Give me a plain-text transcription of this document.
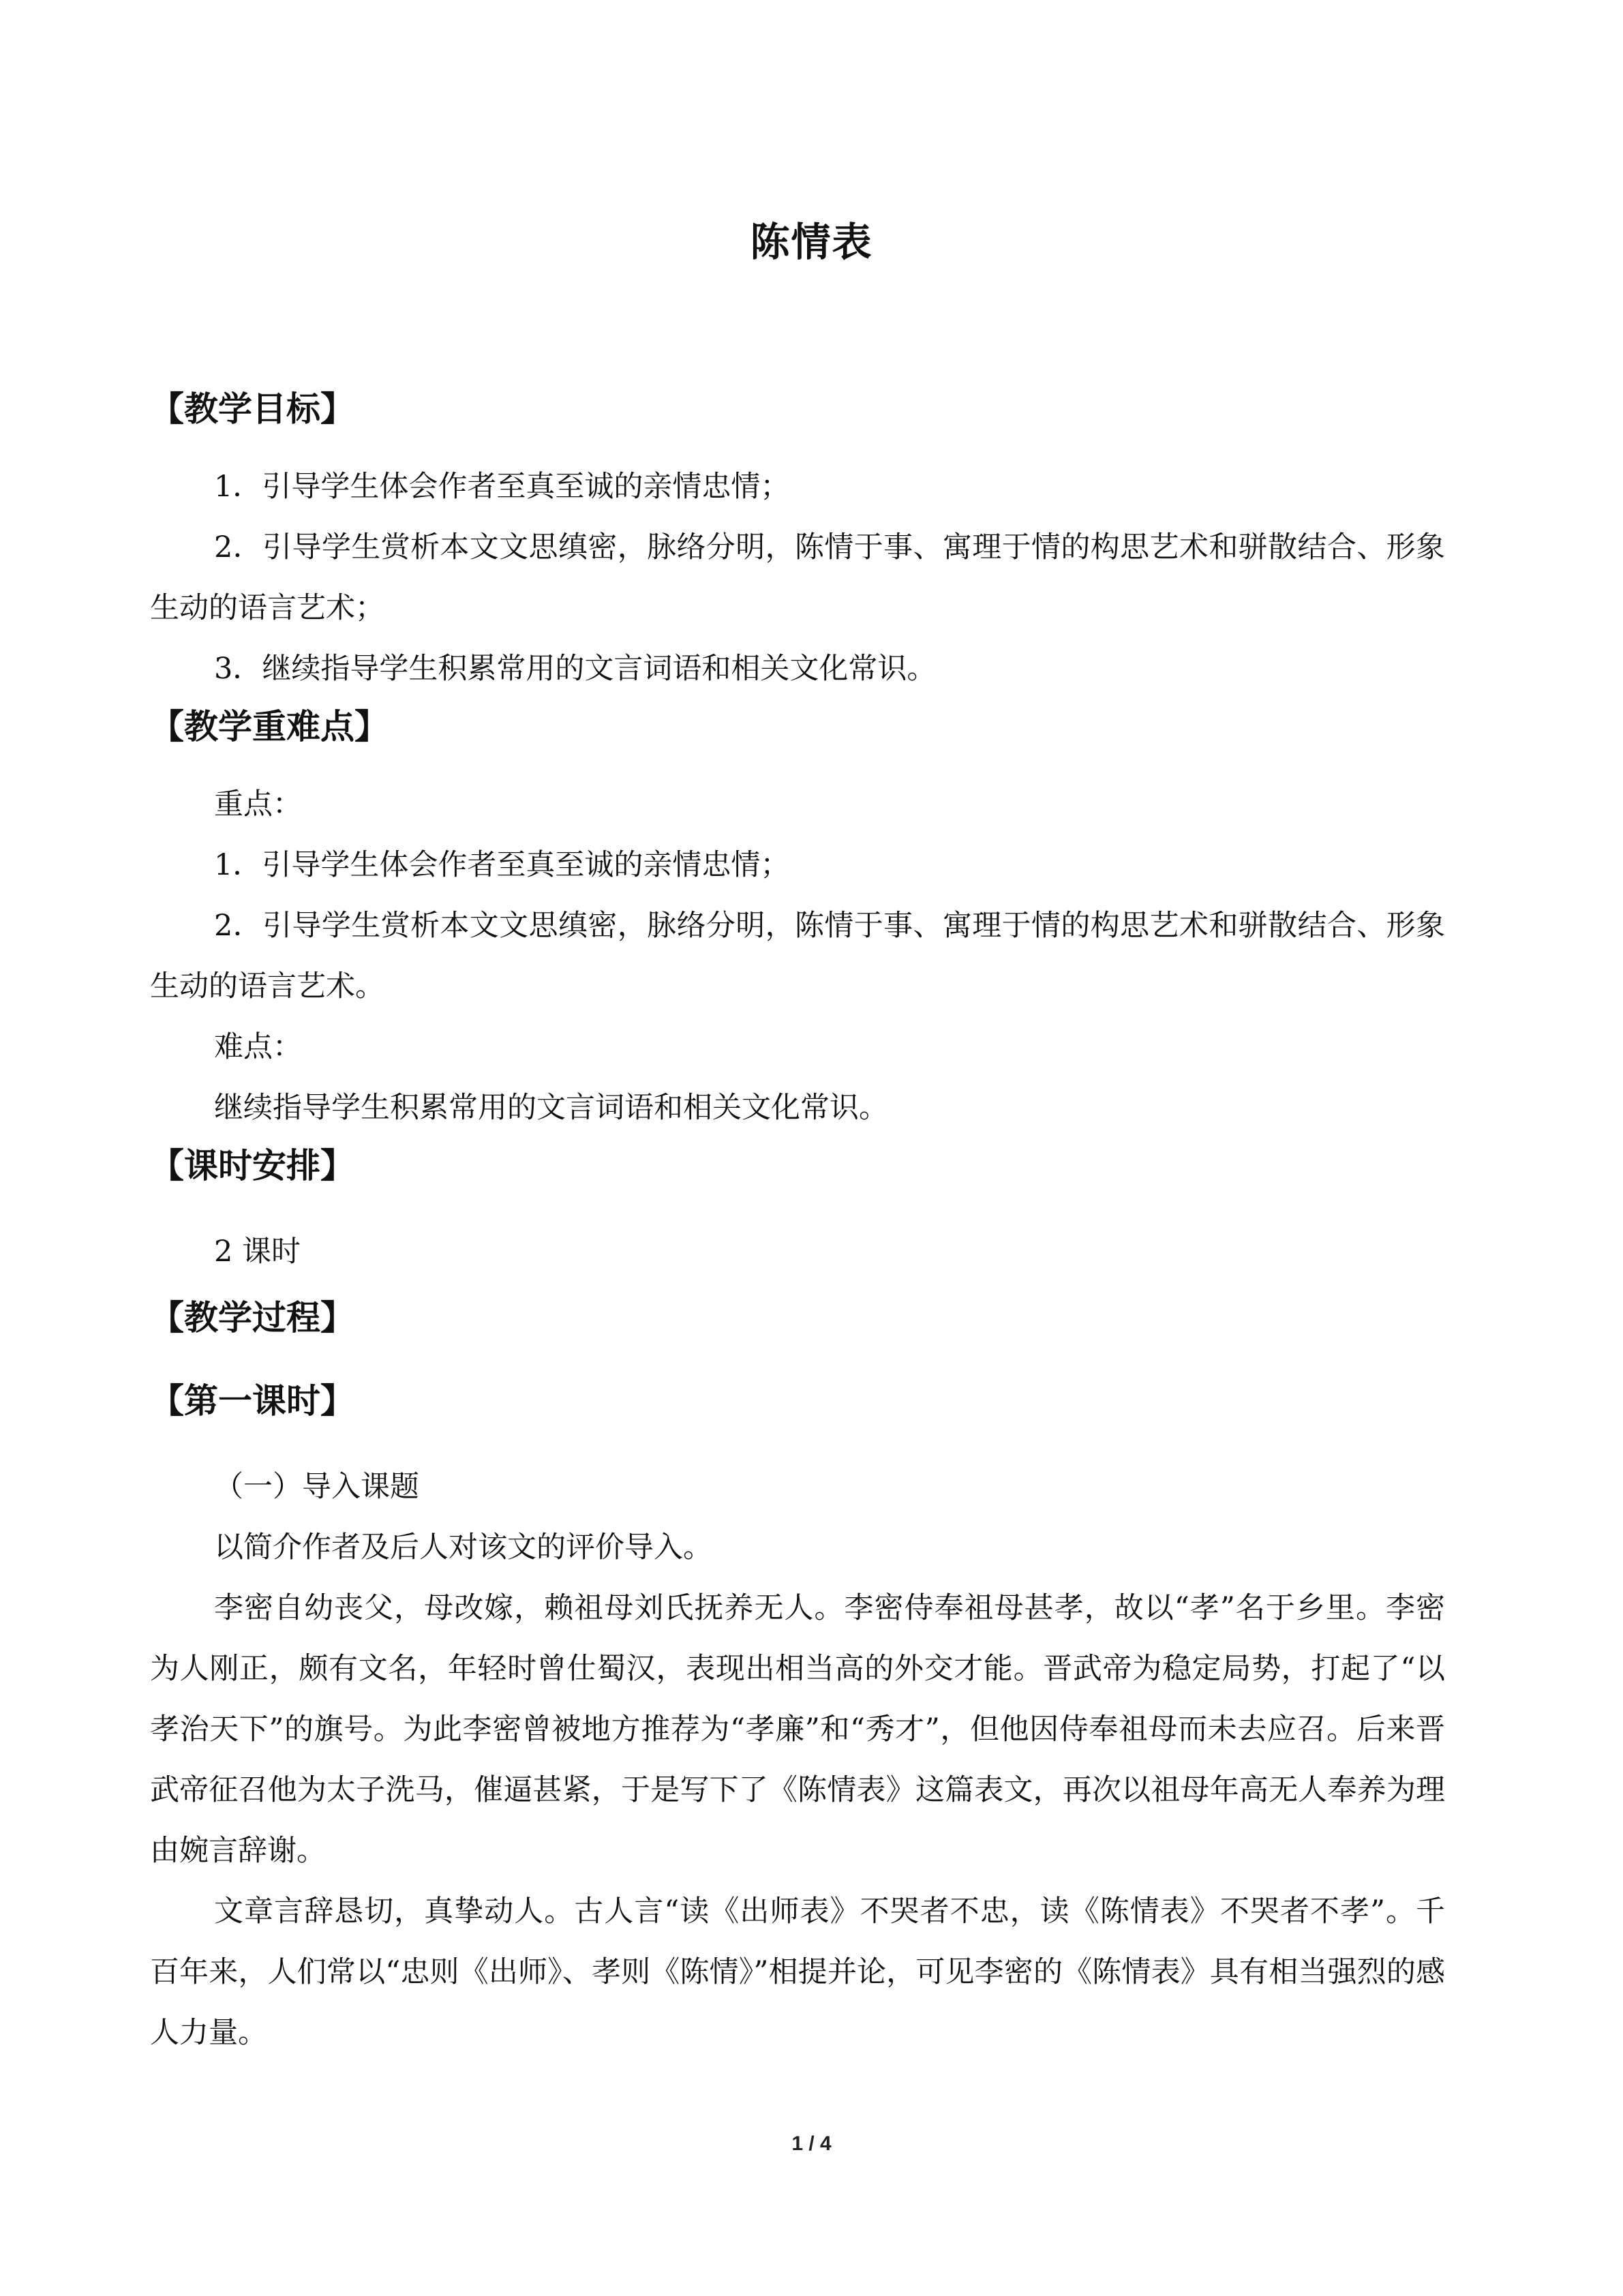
陈情表
【教学目标】

1．引导学生体会作者至真至诚的亲情忠情；

2．引导学生赏析本文文思缜密，脉络分明，陈情于事、寓理于情的构思艺术和骈散结合、形象生动的语言艺术；

3．继续指导学生积累常用的文言词语和相关文化常识。

【教学重难点】

重点：

1．引导学生体会作者至真至诚的亲情忠情；

2．引导学生赏析本文文思缜密，脉络分明，陈情于事、寓理于情的构思艺术和骈散结合、形象生动的语言艺术。

难点：

继续指导学生积累常用的文言词语和相关文化常识。

【课时安排】

2 课时

【教学过程】
【第一课时】

（一）导入课题

以简介作者及后人对该文的评价导入。

李密自幼丧父，母改嫁，赖祖母刘氏抚养无人。李密侍奉祖母甚孝，故以“孝”名于乡里。李密为人刚正，颇有文名，年轻时曾仕蜀汉，表现出相当高的外交才能。晋武帝为稳定局势，打起了“以孝治天下”的旗号。为此李密曾被地方推荐为“孝廉”和“秀才”，但他因侍奉祖母而未去应召。后来晋武帝征召他为太子洗马，催逼甚紧，于是写下了《陈情表》这篇表文，再次以祖母年高无人奉养为理由婉言辞谢。

文章言辞恳切，真挚动人。古人言“读《出师表》不哭者不忠，读《陈情表》不哭者不孝”。千百年来，人们常以“忠则《出师》、孝则《陈情》”相提并论，可见李密的《陈情表》具有相当强烈的感人力量。

1 / 4
